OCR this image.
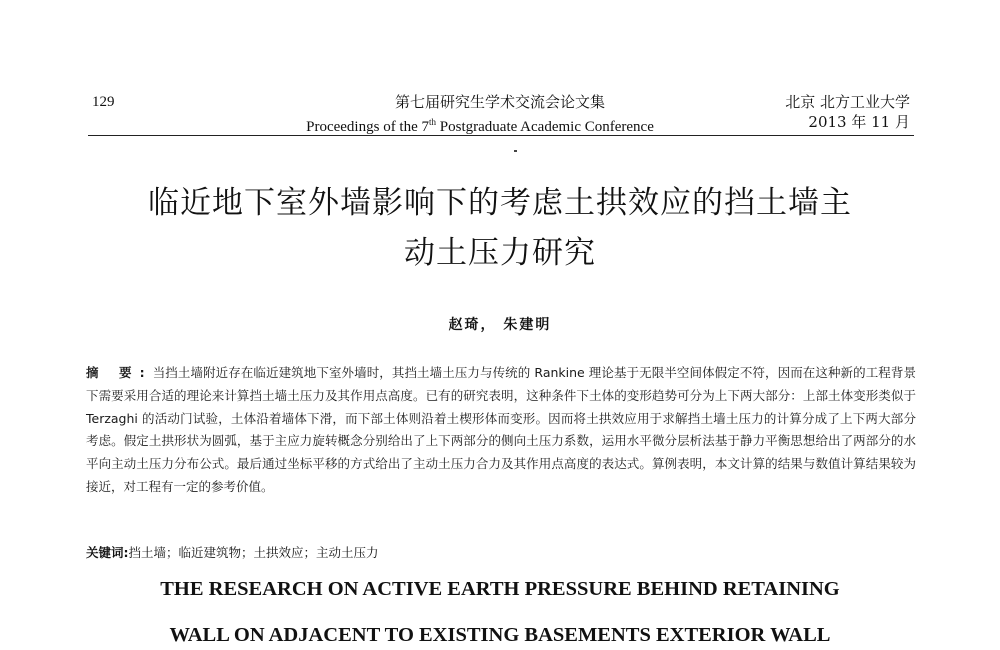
129	第七届研究生学术交流会论文集
Proceedings of the 7th Postgraduate Academic Conference
北京 北方工业大学
2013 年 11 月
临近地下室外墙影响下的考虑土拱效应的挡土墙主
动土压力研究
赵琦， 朱建明
摘 要:当挡土墙附近存在临近建筑地下室外墙时，其挡土墙土压力与传统的 Rankine 理论基于无限半空间体假定不符，因而在这种新的工程背景下需要采用合适的理论来计算挡土墙土压力及其作用点高度。已有的研究表明，这种条件下土体的变形趋势可分为上下两大部分：上部土体变形类似于 Terzaghi 的活动门试验，土体沿着墙体下滑，而下部土体则沿着土楔形体而变形。因而将土拱效应用于求解挡土墙土压力的计算分成了上下两大部分考虑。假定土拱形状为圆弧，基于主应力旋转概念分别给出了上下两部分的侧向土压力系数，运用水平微分层析法基于静力平衡思想给出了两部分的水平向主动土压力分布公式。最后通过坐标平移的方式给出了主动土压力合力及其作用点高度的表达式。算例表明，本文计算的结果与数值计算结果较为接近，对工程有一定的参考价值。
关键词:挡土墙；临近建筑物；土拱效应；主动土压力
THE RESEARCH ON ACTIVE EARTH PRESSURE BEHIND RETAINING
WALL ON ADJACENT TO EXISTING BASEMENTS EXTERIOR WALL
